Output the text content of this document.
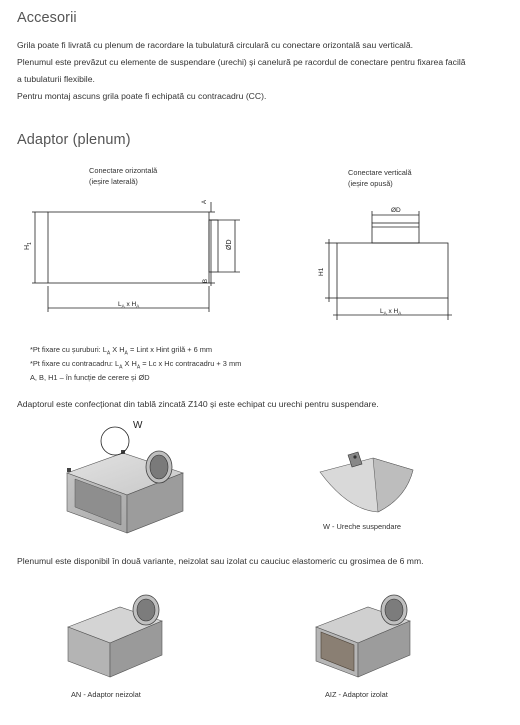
Accesorii
Grila poate fi livrată cu plenum de racordare la tubulatură circulară cu conectare orizontală sau verticală.
Plenumul este prevăzut cu elemente de suspendare (urechi) și canelură pe racordul de conectare pentru fixarea facilă
a tubulaturii flexibile.
Pentru montaj ascuns grila poate fi echipată cu contracadru (CC).
Adaptor (plenum)
Conectare orizontală
(ieșire laterală)
$H_1$
A
ØD
B
$L_A$ x $H_A$
Conectare verticală
(ieșire opusă)
ØD
H1
$L_A$ x $H_A$
*Pt fixare cu șuruburi: $L_A$ X $H_A$ = Lint x Hint grilă + 6 mm
*Pt fixare cu contracadru: $L_A$ X $H_A = Lc$ x Hc contracadru + 3 mm
A, B, H1 – în funcție de cerere și ØD
Adaptorul este confecționat din tablă zincată Z140 și este echipat cu urechi pentru suspendare.
W
W - Ureche suspendare
Plenumul este disponibil în două variante, neizolat sau izolat cu cauciuc elastomeric cu grosimea de 6 mm.
AN - Adaptor neizolat	AIZ - Adaptor izolat
